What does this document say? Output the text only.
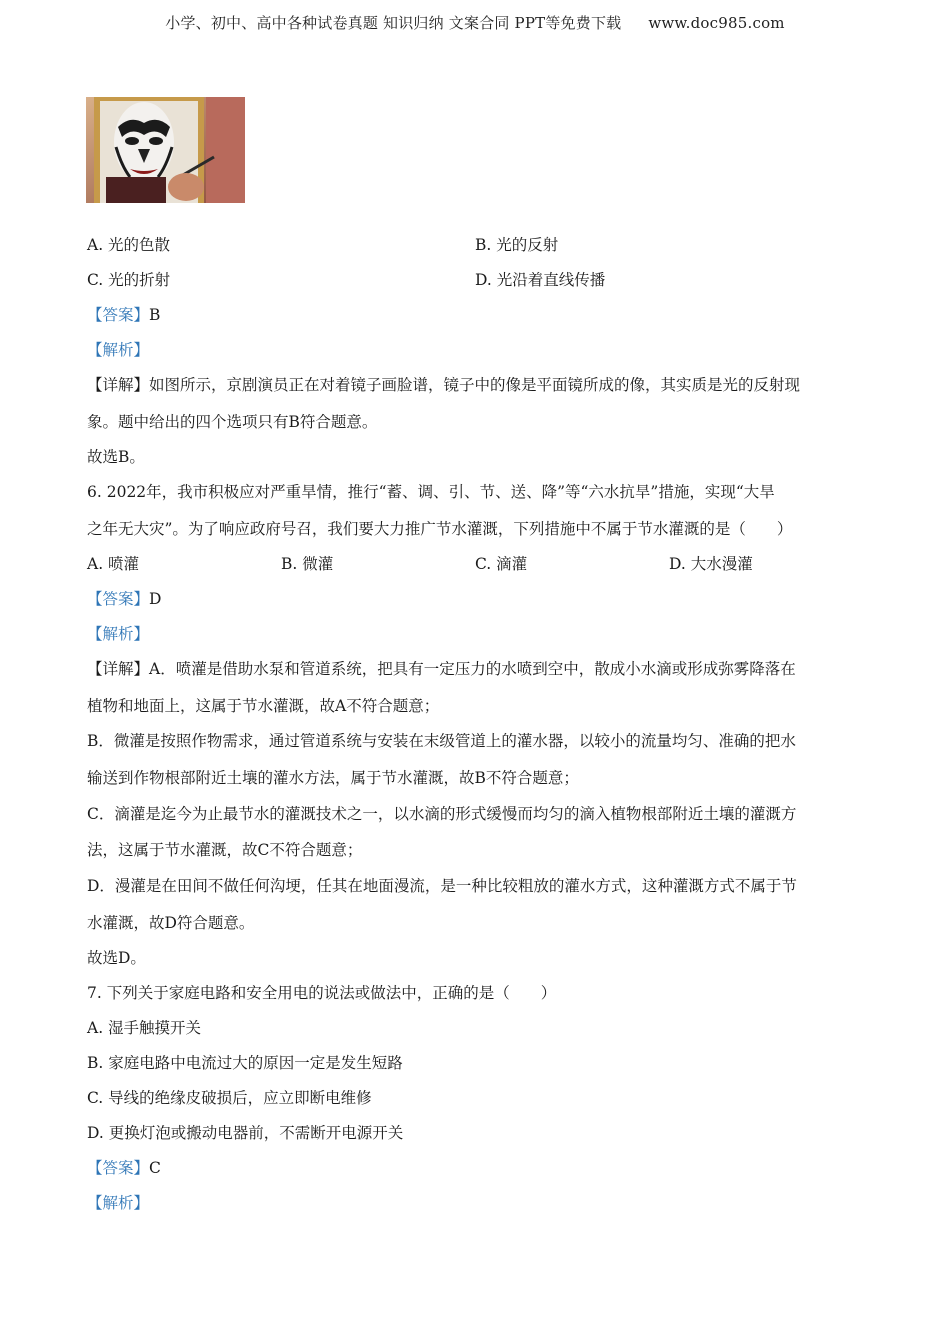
小学、初中、高中各种试卷真题 知识归纳 文案合同 PPT等免费下载 www.doc985.com
A. 光的色散	B. 光的反射
C. 光的折射	D. 光沿着直线传播
【答案】B
【解析】
【详解】如图所示，京剧演员正在对着镜子画脸谱，镜子中的像是平面镜所成的像，其实质是光的反射现
象。题中给出的四个选项只有B符合题意。
故选B。
6. 2022年，我市积极应对严重旱情，推行“蓄、调、引、节、送、降”等“六水抗旱”措施，实现“大旱
之年无大灾”。为了响应政府号召，我们要大力推广节水灌溉，下列措施中不属于节水灌溉的是（　　）
A. 喷灌	B. 微灌	C. 滴灌	D. 大水漫灌
【答案】D
【解析】
【详解】A．喷灌是借助水泵和管道系统，把具有一定压力的水喷到空中，散成小水滴或形成弥雾降落在
植物和地面上，这属于节水灌溉，故A不符合题意；
B．微灌是按照作物需求，通过管道系统与安装在末级管道上的灌水器，以较小的流量均匀、准确的把水
输送到作物根部附近土壤的灌水方法，属于节水灌溉，故B不符合题意；
C．滴灌是迄今为止最节水的灌溉技术之一，以水滴的形式缓慢而均匀的滴入植物根部附近土壤的灌溉方
法，这属于节水灌溉，故C不符合题意；
D．漫灌是在田间不做任何沟埂，任其在地面漫流，是一种比较粗放的灌水方式，这种灌溉方式不属于节
水灌溉，故D符合题意。
故选D。
7. 下列关于家庭电路和安全用电的说法或做法中，正确的是（　　）
A. 湿手触摸开关
B. 家庭电路中电流过大的原因一定是发生短路
C. 导线的绝缘皮破损后，应立即断电维修
D. 更换灯泡或搬动电器前，不需断开电源开关
【答案】C
【解析】
